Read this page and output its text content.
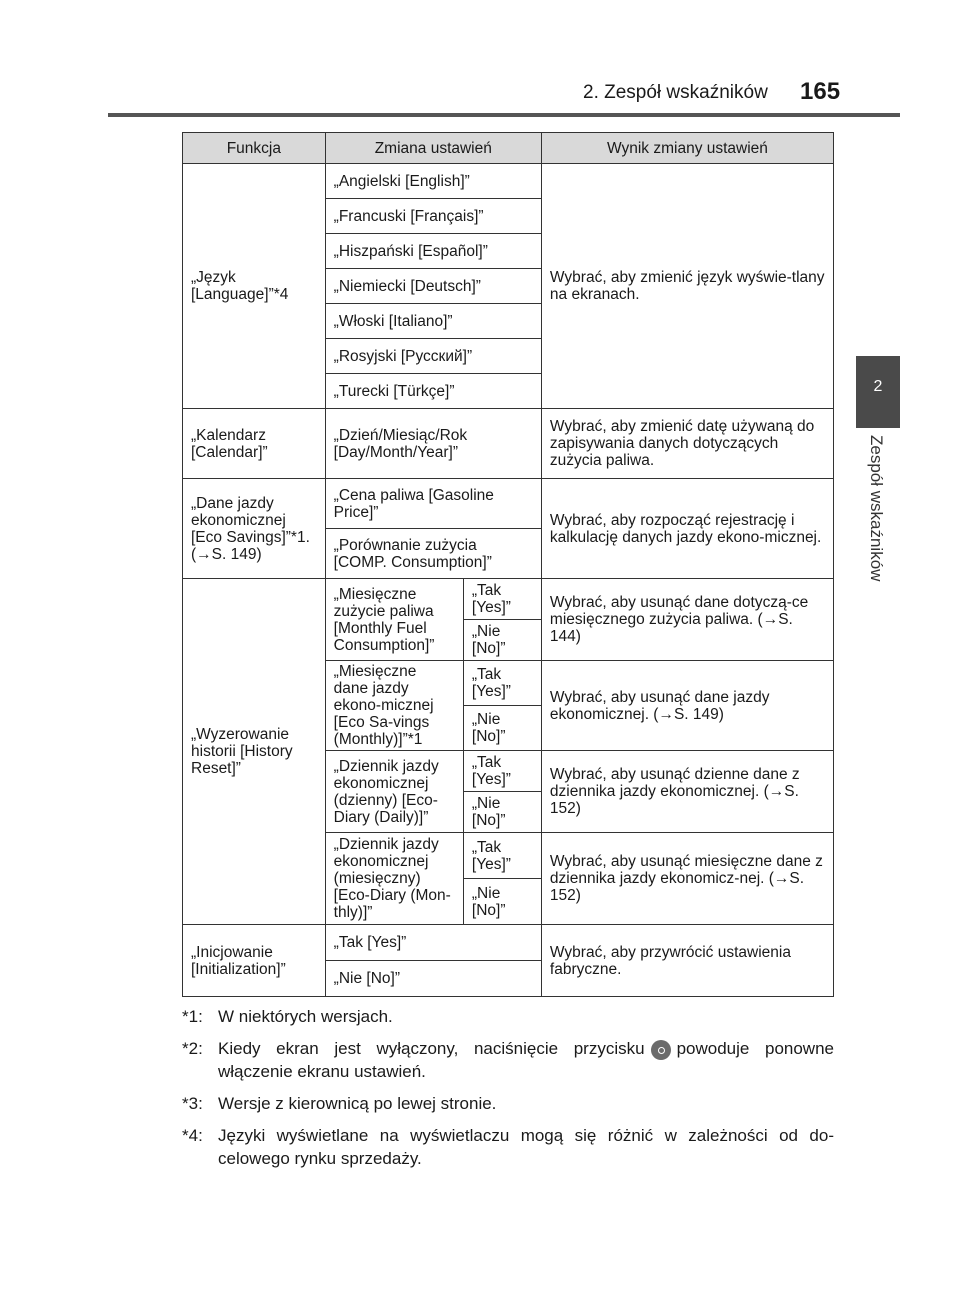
2. Zespół wskaźników 165
2
Zespół wskaźników
Funkcja	Zmiana ustawień		Wynik zmiany ustawień
„Język [Language]”*4	„Angielski [English]”		Wybrać, aby zmienić język wyświe-tlany na ekranach.
	„Francuski [Français]”		
	„Hiszpański [Español]”		
	„Niemiecki [Deutsch]”		
	„Włoski [Italiano]”		
	„Rosyjski [Русский]”		
	„Turecki [Türkçe]”		
„Kalendarz [Calendar]”	„Dzień/Miesiąc/Rok [Day/Month/Year]”		Wybrać, aby zmienić datę używaną do zapisywania danych dotyczących zużycia paliwa.
„Dane jazdy ekonomicznej [Eco Savings]”*1. (→S. 149)	„Cena paliwa [Gasoline Price]”		Wybrać, aby rozpocząć rejestrację i kalkulację danych jazdy ekono-micznej.
	„Porównanie zużycia [COMP. Consumption]”		
„Wyzerowanie historii [History Reset]”	„Miesięczne zużycie paliwa [Monthly Fuel Consumption]”	„Tak [Yes]”	Wybrać, aby usunąć dane dotyczą-ce miesięcznego zużycia paliwa. (→S. 144)
		„Nie [No]”	
	„Miesięczne dane jazdy ekono-micznej [Eco Sa-vings (Monthly)]”*1	„Tak [Yes]”	Wybrać, aby usunąć dane jazdy ekonomicznej. (→S. 149)
		„Nie [No]”	
	„Dziennik jazdy ekonomicznej (dzienny) [Eco-Diary (Daily)]”	„Tak [Yes]”	Wybrać, aby usunąć dzienne dane z dziennika jazdy ekonomicznej. (→S. 152)
		„Nie [No]”	
	„Dziennik jazdy ekonomicznej (miesięczny) [Eco-Diary (Mon-thly)]”	„Tak [Yes]”	Wybrać, aby usunąć miesięczne dane z dziennika jazdy ekonomicz-nej. (→S. 152)
		„Nie [No]”	
„Inicjowanie [Initialization]”	„Tak [Yes]”		Wybrać, aby przywrócić ustawienia fabryczne.
	„Nie [No]”		
*1: W niektórych wersjach.
*2: Kiedy ekran jest wyłączony, naciśnięcie przycisku powoduje ponowne włączenie ekranu ustawień.
*3: Wersje z kierownicą po lewej stronie.
*4: Języki wyświetlane na wyświetlaczu mogą się różnić w zależności od do-celowego rynku sprzedaży.
